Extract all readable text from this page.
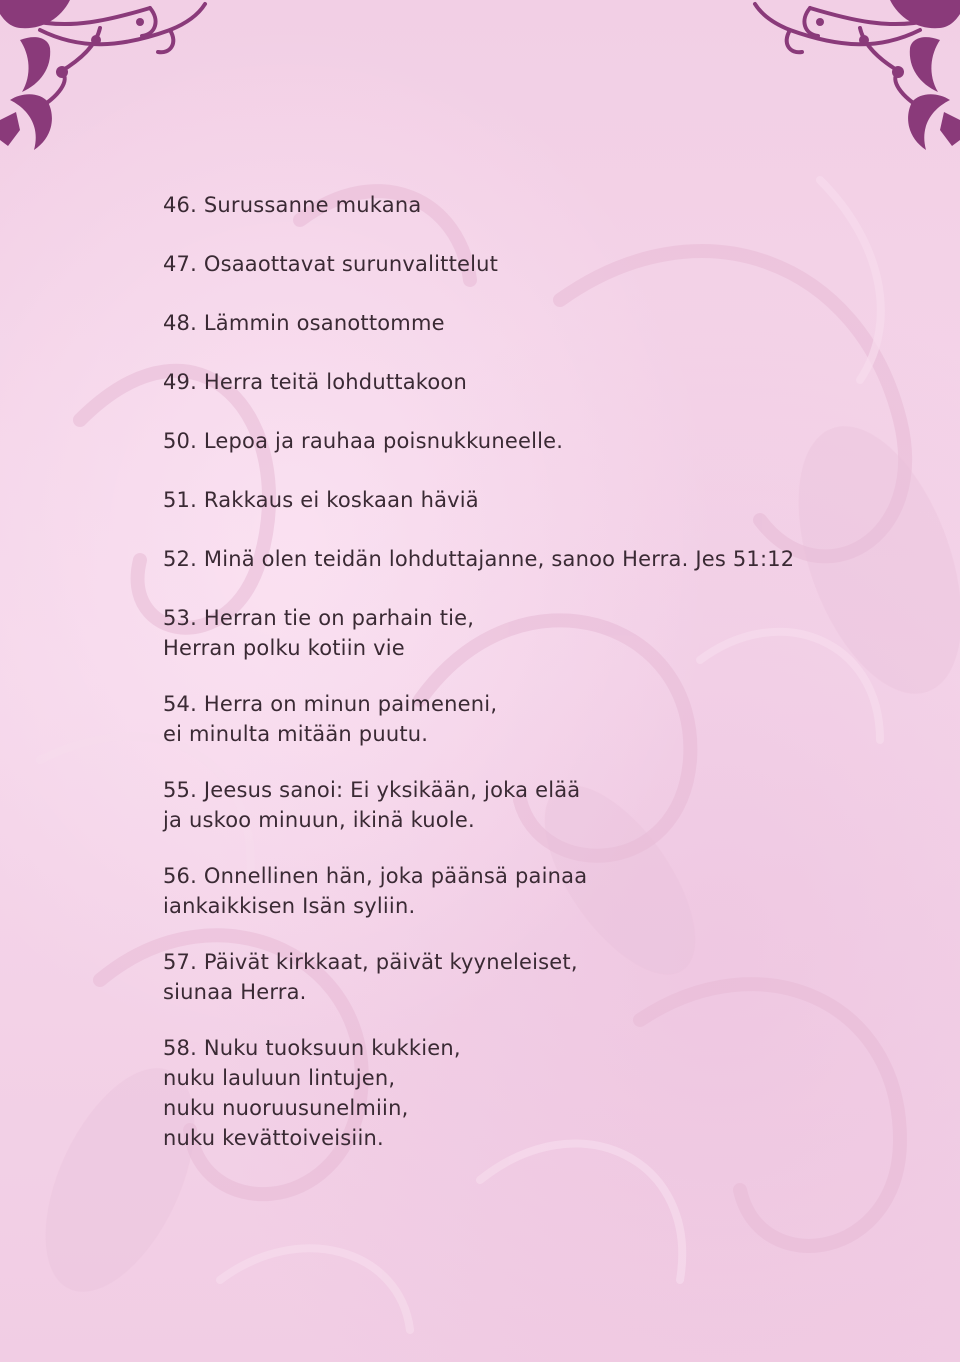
46. Surussanne mukana
47. Osaaottavat surunvalittelut
48. Lämmin osanottomme
49. Herra teitä lohduttakoon
50. Lepoa ja rauhaa poisnukkuneelle.
51. Rakkaus ei koskaan häviä
52. Minä olen teidän lohduttajanne, sanoo Herra. Jes 51:12
53. Herran tie on parhain tie,
Herran polku kotiin vie
54. Herra on minun paimeneni,
ei minulta mitään puutu.
55. Jeesus sanoi: Ei yksikään, joka elää
ja uskoo minuun, ikinä kuole.
56. Onnellinen hän, joka päänsä painaa
iankaikkisen Isän syliin.
57. Päivät kirkkaat, päivät kyyneleiset,
siunaa Herra.
58. Nuku tuoksuun kukkien,
nuku lauluun lintujen,
nuku nuoruusunelmiin,
nuku kevättoiveisiin.
